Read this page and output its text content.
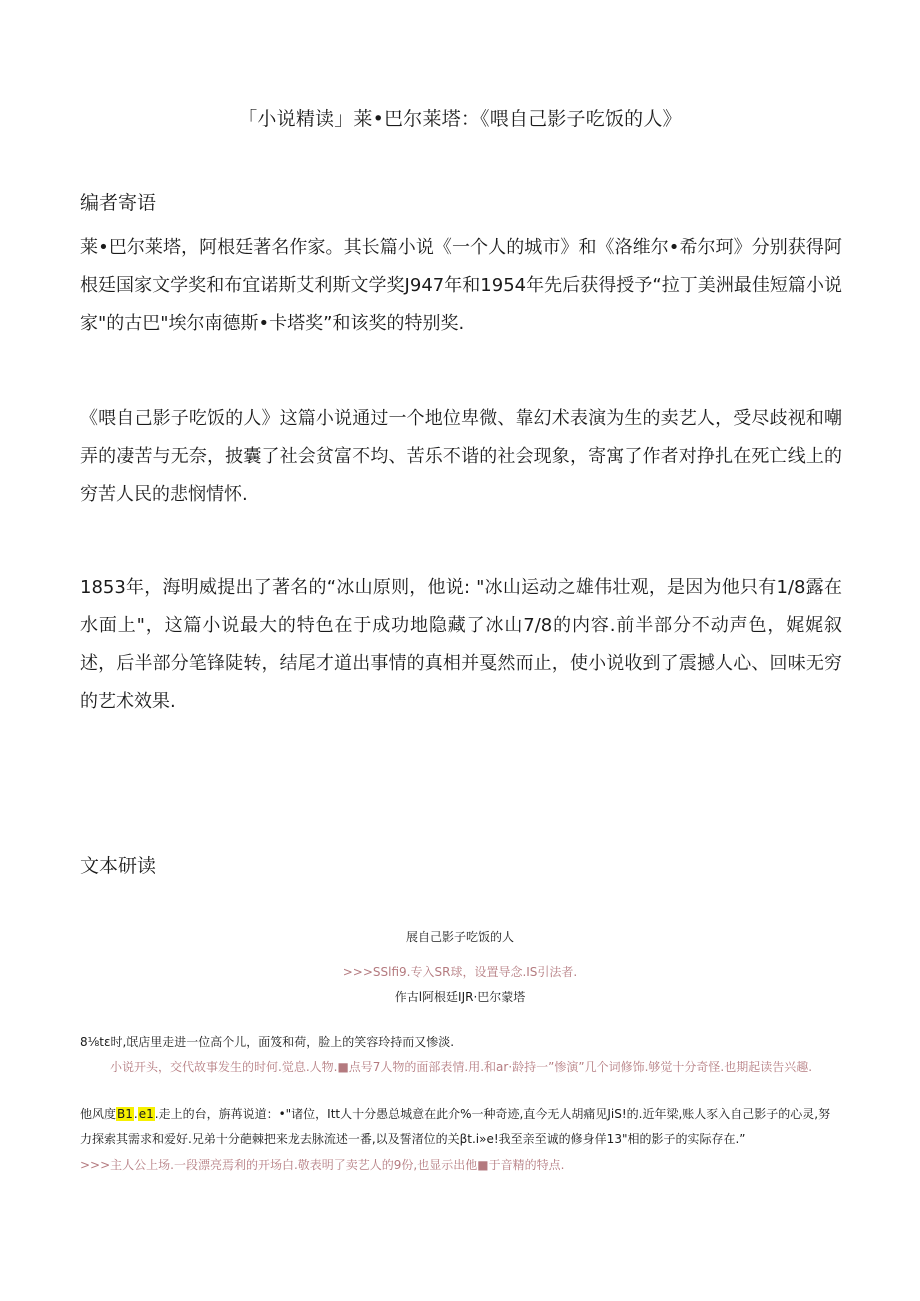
「小说精读」莱•巴尔莱塔：《喂自己影子吃饭的人》
编者寄语

莱•巴尔莱塔，阿根廷著名作家。其长篇小说《一个人的城市》和《洛维尔•希尔珂》分别获得阿根廷国家文学奖和布宜诺斯艾利斯文学奖J947年和1954年先后获得授予“拉丁美洲最佳短篇小说家"的古巴"埃尔南德斯•卡塔奖”和该奖的特别奖.

《喂自己影子吃饭的人》这篇小说通过一个地位卑微、靠幻术表演为生的卖艺人，受尽歧视和嘲弄的凄苦与无奈，披囊了社会贫富不均、苦乐不谐的社会现象，寄寓了作者对挣扎在死亡线上的穷苦人民的悲悯情怀.

1853年，海明威提出了著名的“冰山原则，他说: "冰山运动之雄伟壮观，是因为他只有1/8露在水面上"，这篇小说最大的特色在于成功地隐藏了冰山7/8的内容.前半部分不动声色，娓娓叙述，后半部分笔锋陡转，结尾才道出事情的真相并戛然而止，使小说收到了震撼人心、回味无穷的艺术效果.

文本研读
展自己影子吃饭的人
>>>SSlfi9.专入SR球，设置导念.IS引法者.
作古l阿根廷IJR·巴尔蒙塔

8⅛tε时,氓店里走进一位高个儿，面笈和荷，脸上的笑容玲持而又惨淡.

小说开头，交代故事发生的时何.觉息.人物.■点号7人物的面部表情.用.和ar·龄持一”惨演”几个词修饰.够觉十分奇怪.也期起读告兴趣.

他风度B1.e1.走上的台，旃苒说道：•"诸位，Itt人十分愚总城意在此介%一种奇迹,直今无人胡痛见JiS!的.近年梁,账人豕入自己影子的心灵,努力探索其需求和爱好.兄弟十分葩棘把来龙去脉流述一番,以及誓渚位的关βt.i»e!我至亲至诚的修身佯13"相的影子的实际存在.”

>>>主人公上场.一段漂亮焉利的开场白.敬表明了卖艺人的9份,也显示出他■于音精的特点.
